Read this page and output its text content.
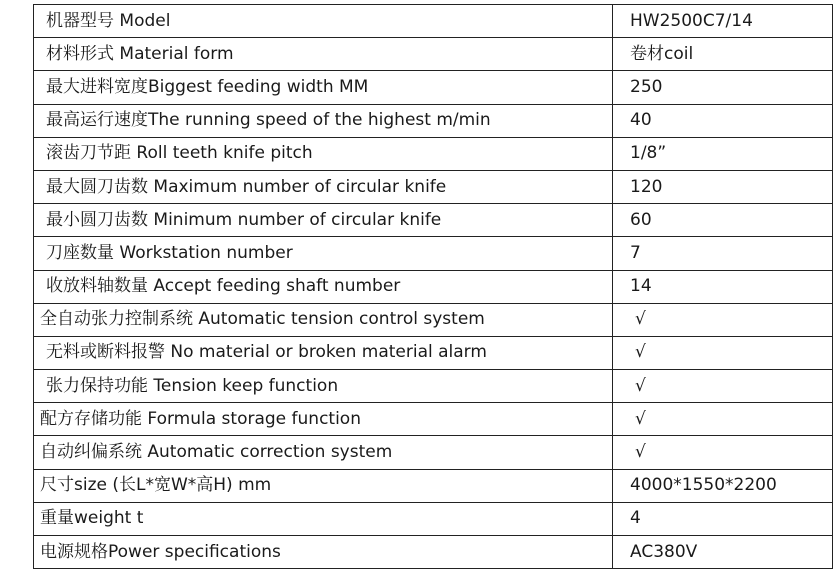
机器型号 Model	HW2500C7/14
材料形式 Material form	卷材coil
最大进料宽度Biggest feeding width MM	250
最高运行速度The running speed of the highest m/min	40
滚齿刀节距 Roll teeth knife pitch	1/8”
最大圆刀齿数 Maximum number of circular knife	120
最小圆刀齿数 Minimum number of circular knife	60
刀座数量 Workstation number	7
收放料轴数量 Accept feeding shaft number	14
全自动张力控制系统 Automatic tension control system	√
无料或断料报警 No material or broken material alarm	√
张力保持功能 Tension keep function	√
配方存储功能 Formula storage function	√
自动纠偏系统 Automatic correction system	√
尺寸size (长L*宽W*高H) mm	4000*1550*2200
重量weight t	4
电源规格Power specifications	AC380V
